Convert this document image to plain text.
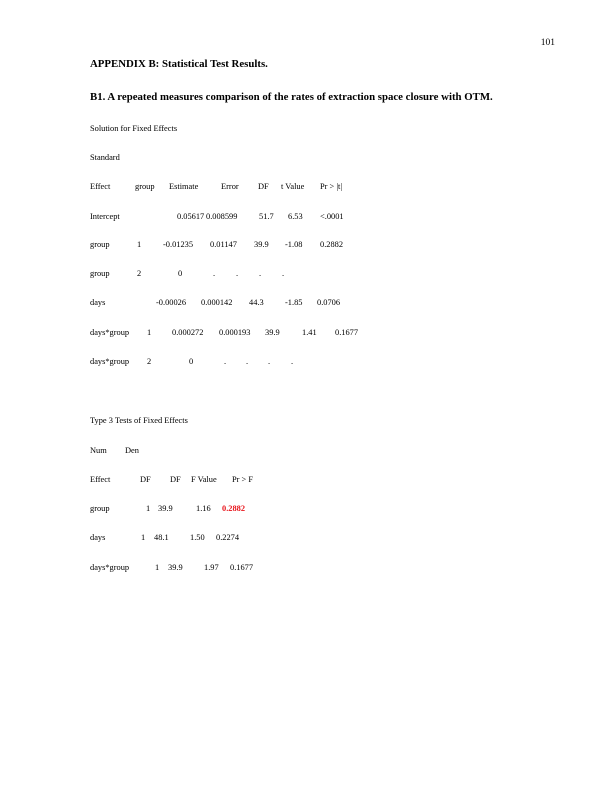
101
APPENDIX B: Statistical Test Results.
B1. A repeated measures comparison of the rates of extraction space closure with OTM.
Solution for Fixed Effects
Standard
Effect	group Estimate	Error DF t Value Pr > |t|
Intercept	0.05617 0.008599	51.7 6.53 <.0001
group	1	-0.01235 0.01147 39.9 -1.08 0.2882
group	2	0	. . . .
days	-0.00026 0.000142 44.3	-1.85 0.0706
days*group 1 0.000272 0.000193 39.9	1.41 0.1677
days*group 2	0	. . . .
Type 3 Tests of Fixed Effects
Num Den
Effect	DF DF F Value Pr > F
group	1 39.9	1.16 0.2882
days	1 48.1	1.50 0.2274
days*group	1 39.9	1.97 0.1677
